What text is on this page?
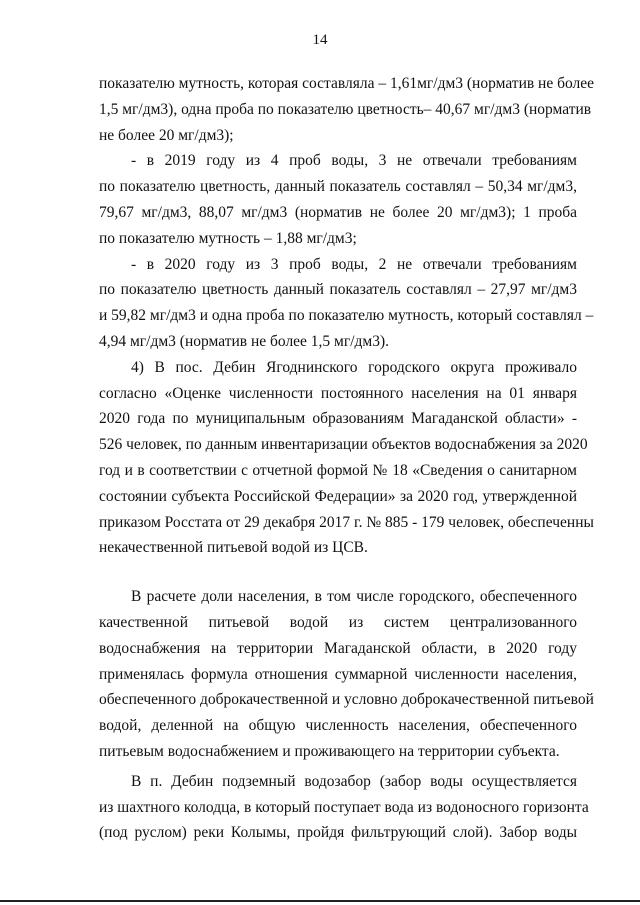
14
показателю мутность, которая составляла – 1,61мг/дм3 (норматив не более
1,5 мг/дм3), одна проба по показателю цветность– 40,67 мг/дм3 (норматив
не более 20 мг/дм3);
- в 2019 году из 4 проб воды, 3 не отвечали требованиям
по показателю цветность, данный показатель составлял – 50,34 мг/дм3,
79,67 мг/дм3, 88,07 мг/дм3 (норматив не более 20 мг/дм3); 1 проба
по показателю мутность – 1,88 мг/дм3;
- в 2020 году из 3 проб воды, 2 не отвечали требованиям
по показателю цветность данный показатель составлял – 27,97 мг/дм3
и 59,82 мг/дм3 и одна проба по показателю мутность, который составлял –
4,94 мг/дм3 (норматив не более 1,5 мг/дм3).
4) В пос. Дебин Ягоднинского городского округа проживало
согласно «Оценке численности постоянного населения на 01 января
2020 года по муниципальным образованиям Магаданской области» -
526 человек, по данным инвентаризации объектов водоснабжения за 2020
год и в соответствии с отчетной формой № 18 «Сведения о санитарном
состоянии субъекта Российской Федерации» за 2020 год, утвержденной
приказом Росстата от 29 декабря 2017 г. № 885 - 179 человек, обеспеченны
некачественной питьевой водой из ЦСВ.
В расчете доли населения, в том числе городского, обеспеченного
качественной питьевой водой из систем централизованного
водоснабжения на территории Магаданской области, в 2020 году
применялась формула отношения суммарной численности населения,
обеспеченного доброкачественной и условно доброкачественной питьевой
водой, деленной на общую численность населения, обеспеченного
питьевым водоснабжением и проживающего на территории субъекта.
В п. Дебин подземный водозабор (забор воды осуществляется
из шахтного колодца, в который поступает вода из водоносного горизонта
(под руслом) реки Колымы, пройдя фильтрующий слой). Забор воды
